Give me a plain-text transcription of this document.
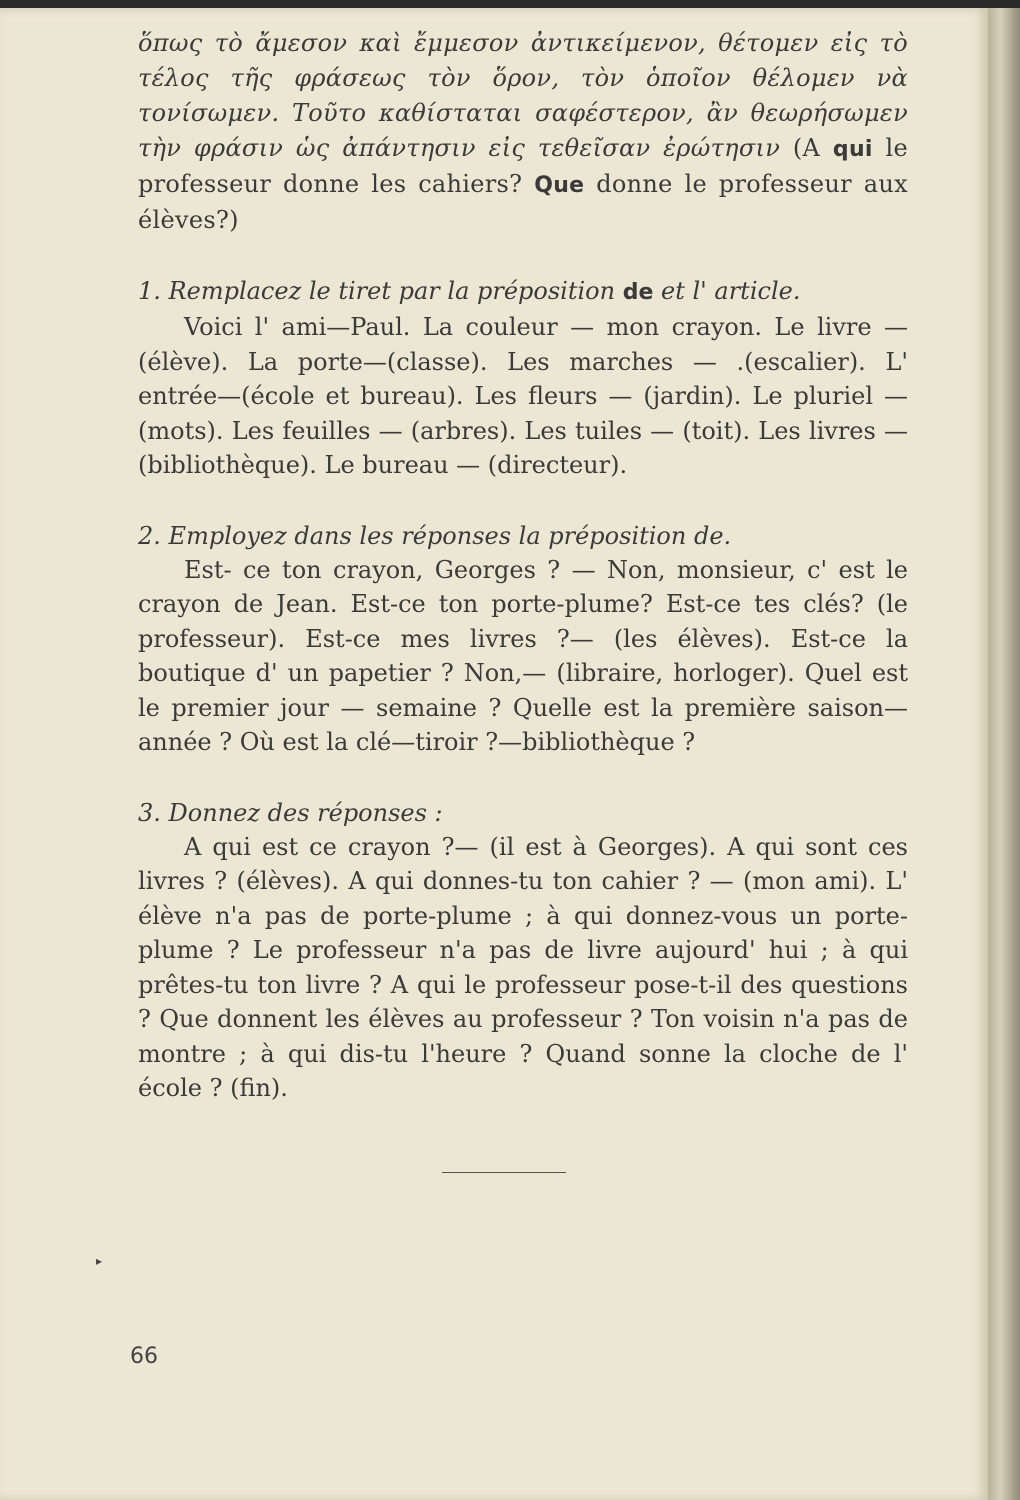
ὅπως τὸ ἄμεσον καὶ ἔμμεσον ἀντικείμενον, θέτομεν εἰς τὸ τέλος τῆς φράσεως τὸν ὅρον, τὸν ὁποῖον θέλομεν νὰ τονίσωμεν. Τοῦτο καθίσταται σαφέστερον, ἂν θεωρήσωμεν τὴν φράσιν ὡς ἀπάντησιν εἰς τεθεῖσαν ἐρώτησιν (A qui le professeur donne les cahiers? Que donne le professeur aux élèves?)

1. Remplacez le tiret par la préposition de et l' article.

Voici l' ami—Paul. La couleur — mon crayon. Le livre — (élève). La porte—(classe). Les marches — .(escalier). L' entrée—(école et bureau). Les fleurs — (jardin). Le pluriel — (mots). Les feuilles — (arbres). Les tuiles — (toit). Les livres — (bibliothèque). Le bureau — (directeur).

2. Employez dans les réponses la préposition de.

Est- ce ton crayon, Georges ? — Non, monsieur, c' est le crayon de Jean. Est-ce ton porte-plume? Est-ce tes clés? (le professeur). Est-ce mes livres ?— (les élèves). Est-ce la boutique d' un papetier ? Non,— (libraire, horloger). Quel est le premier jour — semaine ? Quelle est la première saison—année ? Où est la clé—tiroir ?—bibliothèque ?

3. Donnez des réponses :

A qui est ce crayon ?— (il est à Georges). A qui sont ces livres ? (élèves). A qui donnes-tu ton cahier ? — (mon ami). L' élève n'a pas de porte-plume ; à qui donnez-vous un porte-plume ? Le professeur n'a pas de livre aujourd' hui ; à qui prêtes-tu ton livre ? A qui le professeur pose-t-il des questions ? Que donnent les élèves au professeur ? Ton voisin n'a pas de montre ; à qui dis-tu l'heure ? Quand sonne la cloche de l' école ? (fin).

▸
66
